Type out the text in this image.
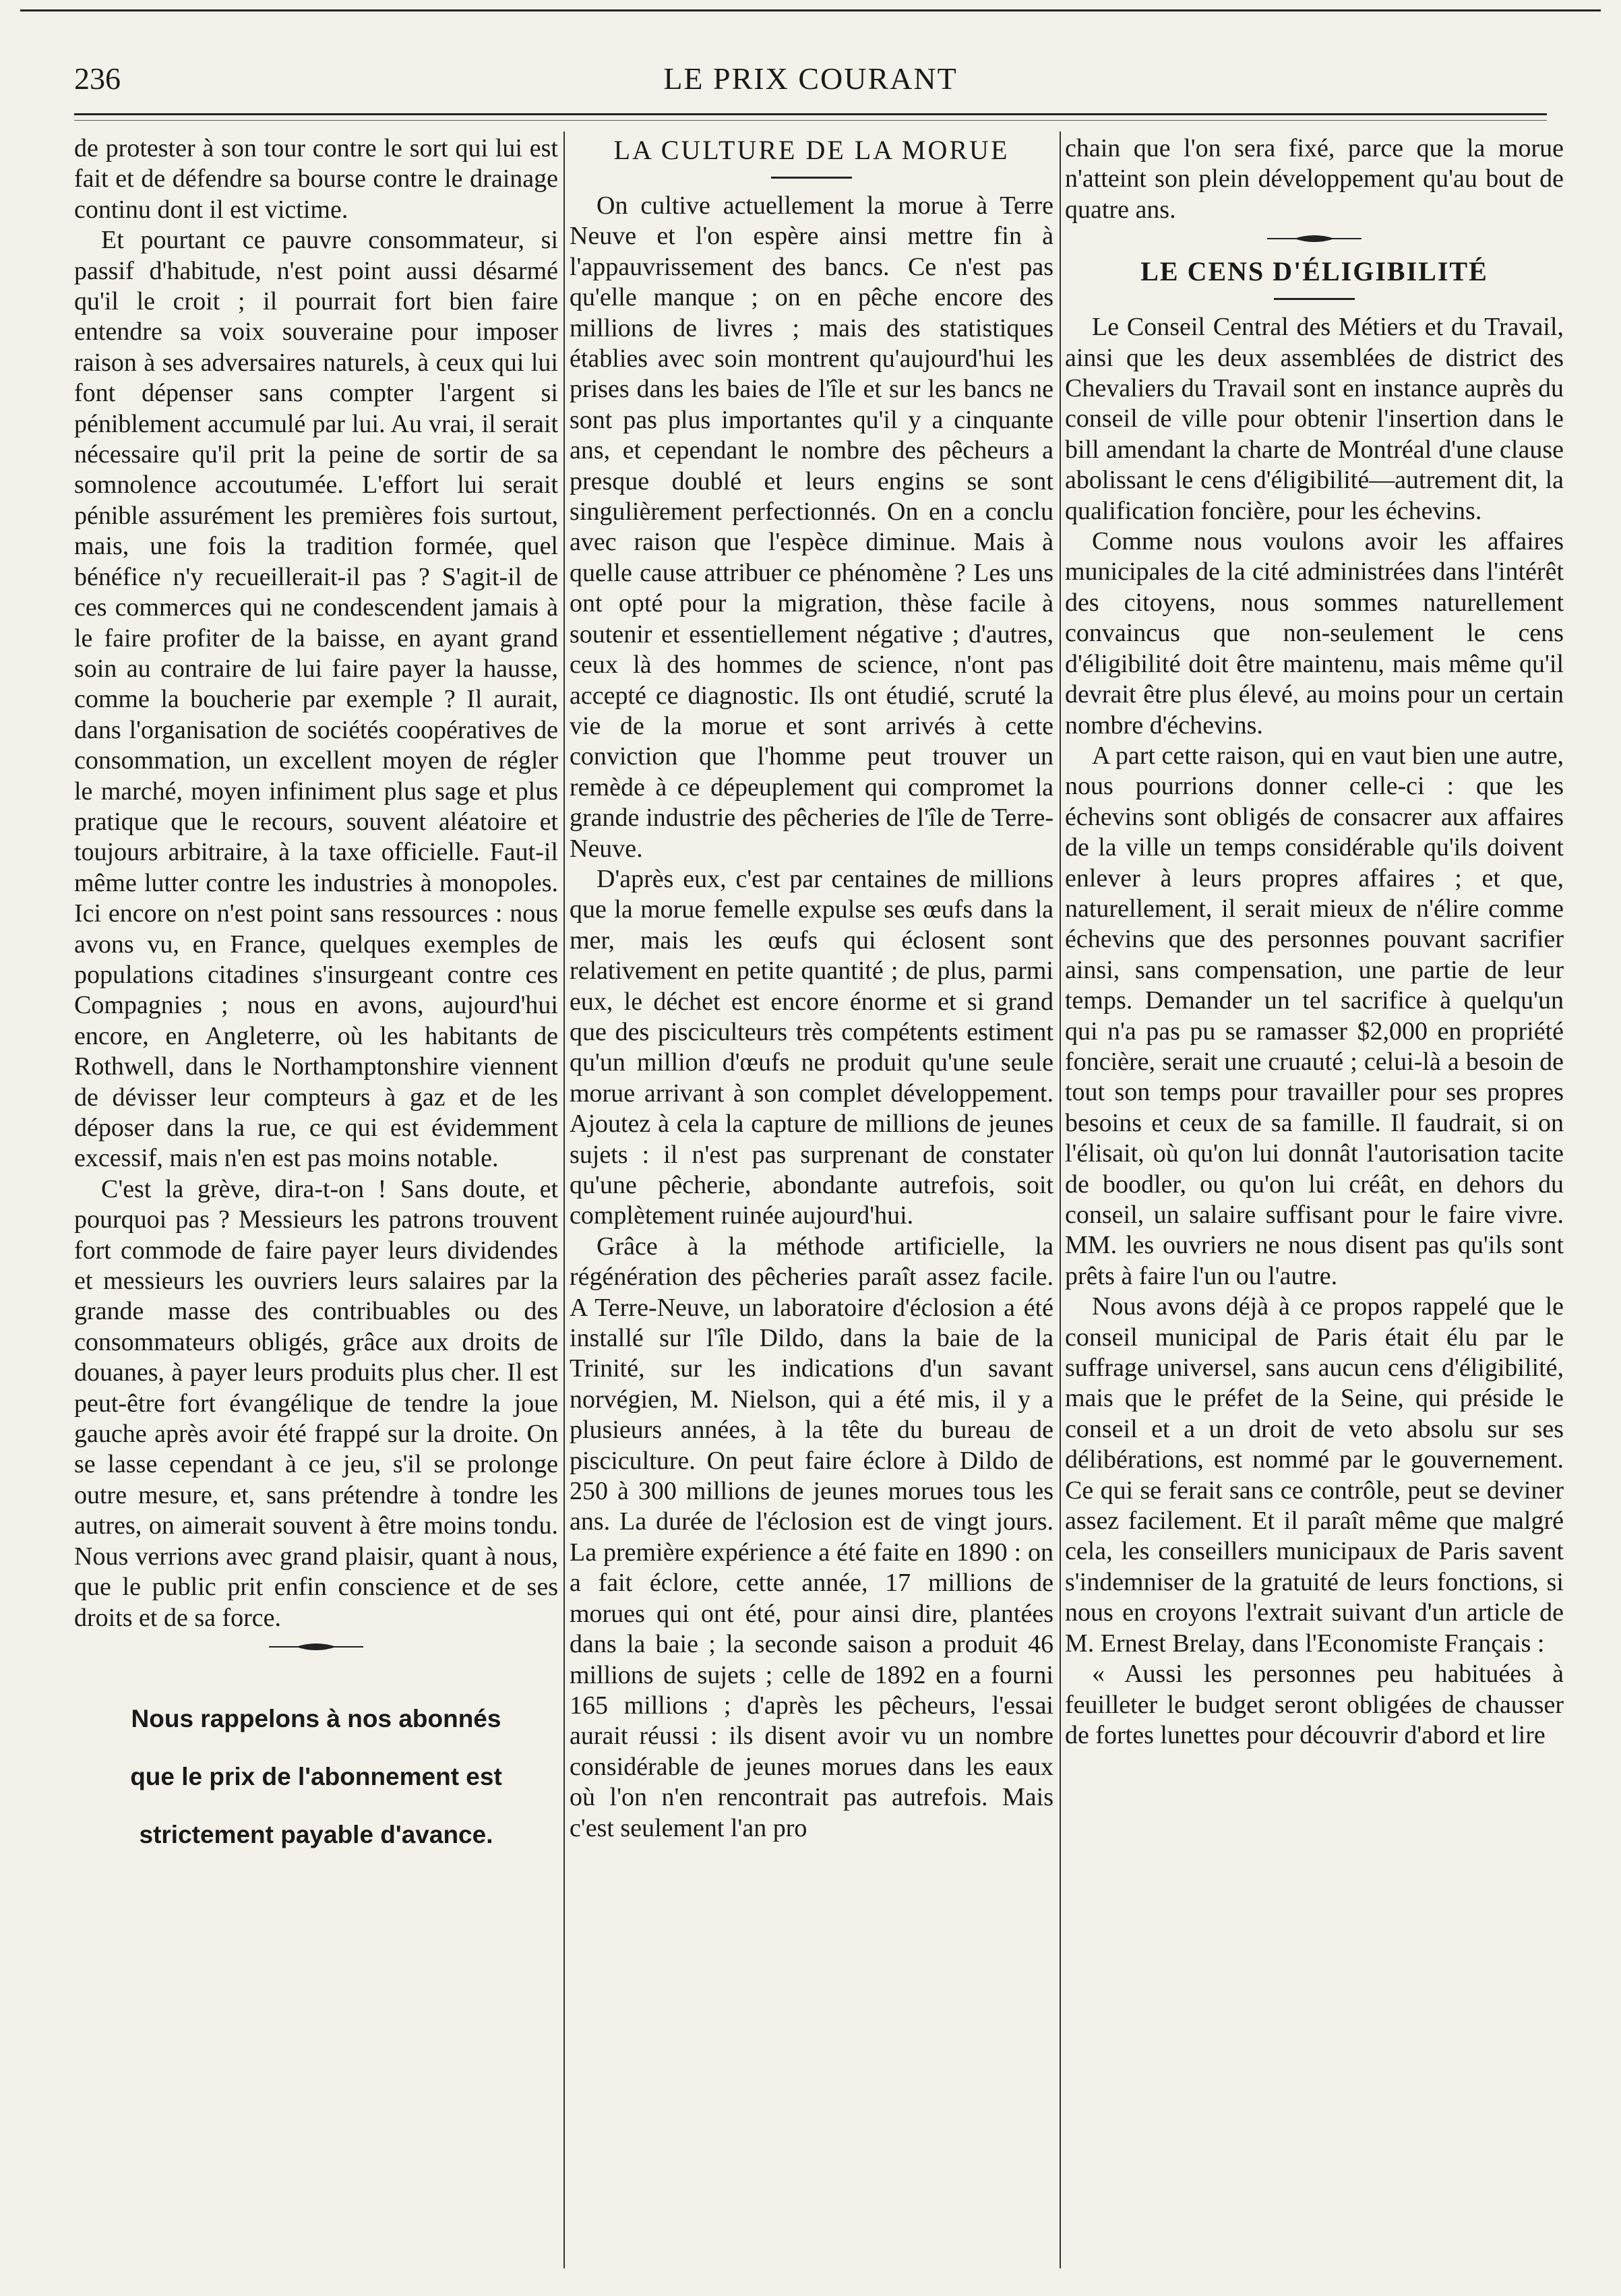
236	LE PRIX COURANT

de protester à son tour contre le sort qui lui est fait et de défendre sa bourse contre le drainage continu dont il est victime.

Et pourtant ce pauvre consommateur, si passif d'habitude, n'est point aussi désarmé qu'il le croit ; il pourrait fort bien faire entendre sa voix souveraine pour imposer raison à ses adversaires naturels, à ceux qui lui font dépenser sans compter l'argent si péniblement accumulé par lui. Au vrai, il serait nécessaire qu'il prit la peine de sortir de sa somnolence accoutumée. L'effort lui serait pénible assurément les premières fois surtout, mais, une fois la tradition formée, quel bénéfice n'y recueillerait-il pas ? S'agit-il de ces commerces qui ne condescendent jamais à le faire profiter de la baisse, en ayant grand soin au contraire de lui faire payer la hausse, comme la boucherie par exemple ? Il aurait, dans l'organisation de sociétés coopératives de consommation, un excellent moyen de régler le marché, moyen infiniment plus sage et plus pratique que le recours, souvent aléatoire et toujours arbitraire, à la taxe officielle. Faut-il même lutter contre les industries à monopoles. Ici encore on n'est point sans ressources : nous avons vu, en France, quelques exemples de populations citadines s'insurgeant contre ces Compagnies ; nous en avons, aujourd'hui encore, en Angleterre, où les habitants de Rothwell, dans le Northamptonshire viennent de dévisser leur compteurs à gaz et de les déposer dans la rue, ce qui est évidemment excessif, mais n'en est pas moins notable.

C'est la grève, dira-t-on ! Sans doute, et pourquoi pas ? Messieurs les patrons trouvent fort commode de faire payer leurs dividendes et messieurs les ouvriers leurs salaires par la grande masse des contribuables ou des consommateurs obligés, grâce aux droits de douanes, à payer leurs produits plus cher. Il est peut-être fort évangélique de tendre la joue gauche après avoir été frappé sur la droite. On se lasse cependant à ce jeu, s'il se prolonge outre mesure, et, sans prétendre à tondre les autres, on aimerait souvent à être moins tondu. Nous verrions avec grand plaisir, quant à nous, que le public prit enfin conscience et de ses droits et de sa force.

Nous rappelons à nos abonnés

que le prix de l'abonnement est

strictement payable d'avance.

LA CULTURE DE LA MORUE

On cultive actuellement la morue à Terre Neuve et l'on espère ainsi mettre fin à l'appauvrissement des bancs. Ce n'est pas qu'elle manque ; on en pêche encore des millions de livres ; mais des statistiques établies avec soin montrent qu'aujourd'hui les prises dans les baies de l'île et sur les bancs ne sont pas plus importantes qu'il y a cinquante ans, et cependant le nombre des pêcheurs a presque doublé et leurs engins se sont singulièrement perfectionnés. On en a conclu avec raison que l'espèce diminue. Mais à quelle cause attribuer ce phénomène ? Les uns ont opté pour la migration, thèse facile à soutenir et essentiellement négative ; d'autres, ceux là des hommes de science, n'ont pas accepté ce diagnostic. Ils ont étudié, scruté la vie de la morue et sont arrivés à cette conviction que l'homme peut trouver un remède à ce dépeuplement qui compromet la grande industrie des pêcheries de l'île de Terre-Neuve.

D'après eux, c'est par centaines de millions que la morue femelle expulse ses œufs dans la mer, mais les œufs qui éclosent sont relativement en petite quantité ; de plus, parmi eux, le déchet est encore énorme et si grand que des pisciculteurs très compétents estiment qu'un million d'œufs ne produit qu'une seule morue arrivant à son complet développement. Ajoutez à cela la capture de millions de jeunes sujets : il n'est pas surprenant de constater qu'une pêcherie, abondante autrefois, soit complètement ruinée aujourd'hui.

Grâce à la méthode artificielle, la régénération des pêcheries paraît assez facile. A Terre-Neuve, un laboratoire d'éclosion a été installé sur l'île Dildo, dans la baie de la Trinité, sur les indications d'un savant norvégien, M. Nielson, qui a été mis, il y a plusieurs années, à la tête du bureau de pisciculture. On peut faire éclore à Dildo de 250 à 300 millions de jeunes morues tous les ans. La durée de l'éclosion est de vingt jours. La première expérience a été faite en 1890 : on a fait éclore, cette année, 17 millions de morues qui ont été, pour ainsi dire, plantées dans la baie ; la seconde saison a produit 46 millions de sujets ; celle de 1892 en a fourni 165 millions ; d'après les pêcheurs, l'essai aurait réussi : ils disent avoir vu un nombre considérable de jeunes morues dans les eaux où l'on n'en rencontrait pas autrefois. Mais c'est seulement l'an pro

chain que l'on sera fixé, parce que la morue n'atteint son plein développement qu'au bout de quatre ans.

LE CENS D'ÉLIGIBILITÉ

Le Conseil Central des Métiers et du Travail, ainsi que les deux assemblées de district des Chevaliers du Travail sont en instance auprès du conseil de ville pour obtenir l'insertion dans le bill amendant la charte de Montréal d'une clause abolissant le cens d'éligibilité—autrement dit, la qualification foncière, pour les échevins.

Comme nous voulons avoir les affaires municipales de la cité administrées dans l'intérêt des citoyens, nous sommes naturellement convaincus que non-seulement le cens d'éligibilité doit être maintenu, mais même qu'il devrait être plus élevé, au moins pour un certain nombre d'échevins.

A part cette raison, qui en vaut bien une autre, nous pourrions donner celle-ci : que les échevins sont obligés de consacrer aux affaires de la ville un temps considérable qu'ils doivent enlever à leurs propres affaires ; et que, naturellement, il serait mieux de n'élire comme échevins que des personnes pouvant sacrifier ainsi, sans compensation, une partie de leur temps. Demander un tel sacrifice à quelqu'un qui n'a pas pu se ramasser $2,000 en propriété foncière, serait une cruauté ; celui-là a besoin de tout son temps pour travailler pour ses propres besoins et ceux de sa famille. Il faudrait, si on l'élisait, où qu'on lui donnât l'autorisation tacite de boodler, ou qu'on lui créât, en dehors du conseil, un salaire suffisant pour le faire vivre. MM. les ouvriers ne nous disent pas qu'ils sont prêts à faire l'un ou l'autre.

Nous avons déjà à ce propos rappelé que le conseil municipal de Paris était élu par le suffrage universel, sans aucun cens d'éligibilité, mais que le préfet de la Seine, qui préside le conseil et a un droit de veto absolu sur ses délibérations, est nommé par le gouvernement. Ce qui se ferait sans ce contrôle, peut se deviner assez facilement. Et il paraît même que malgré cela, les conseillers municipaux de Paris savent s'indemniser de la gratuité de leurs fonctions, si nous en croyons l'extrait suivant d'un article de M. Ernest Brelay, dans l'Economiste Français :

« Aussi les personnes peu habituées à feuilleter le budget seront obligées de chausser de fortes lunettes pour découvrir d'abord et lire
